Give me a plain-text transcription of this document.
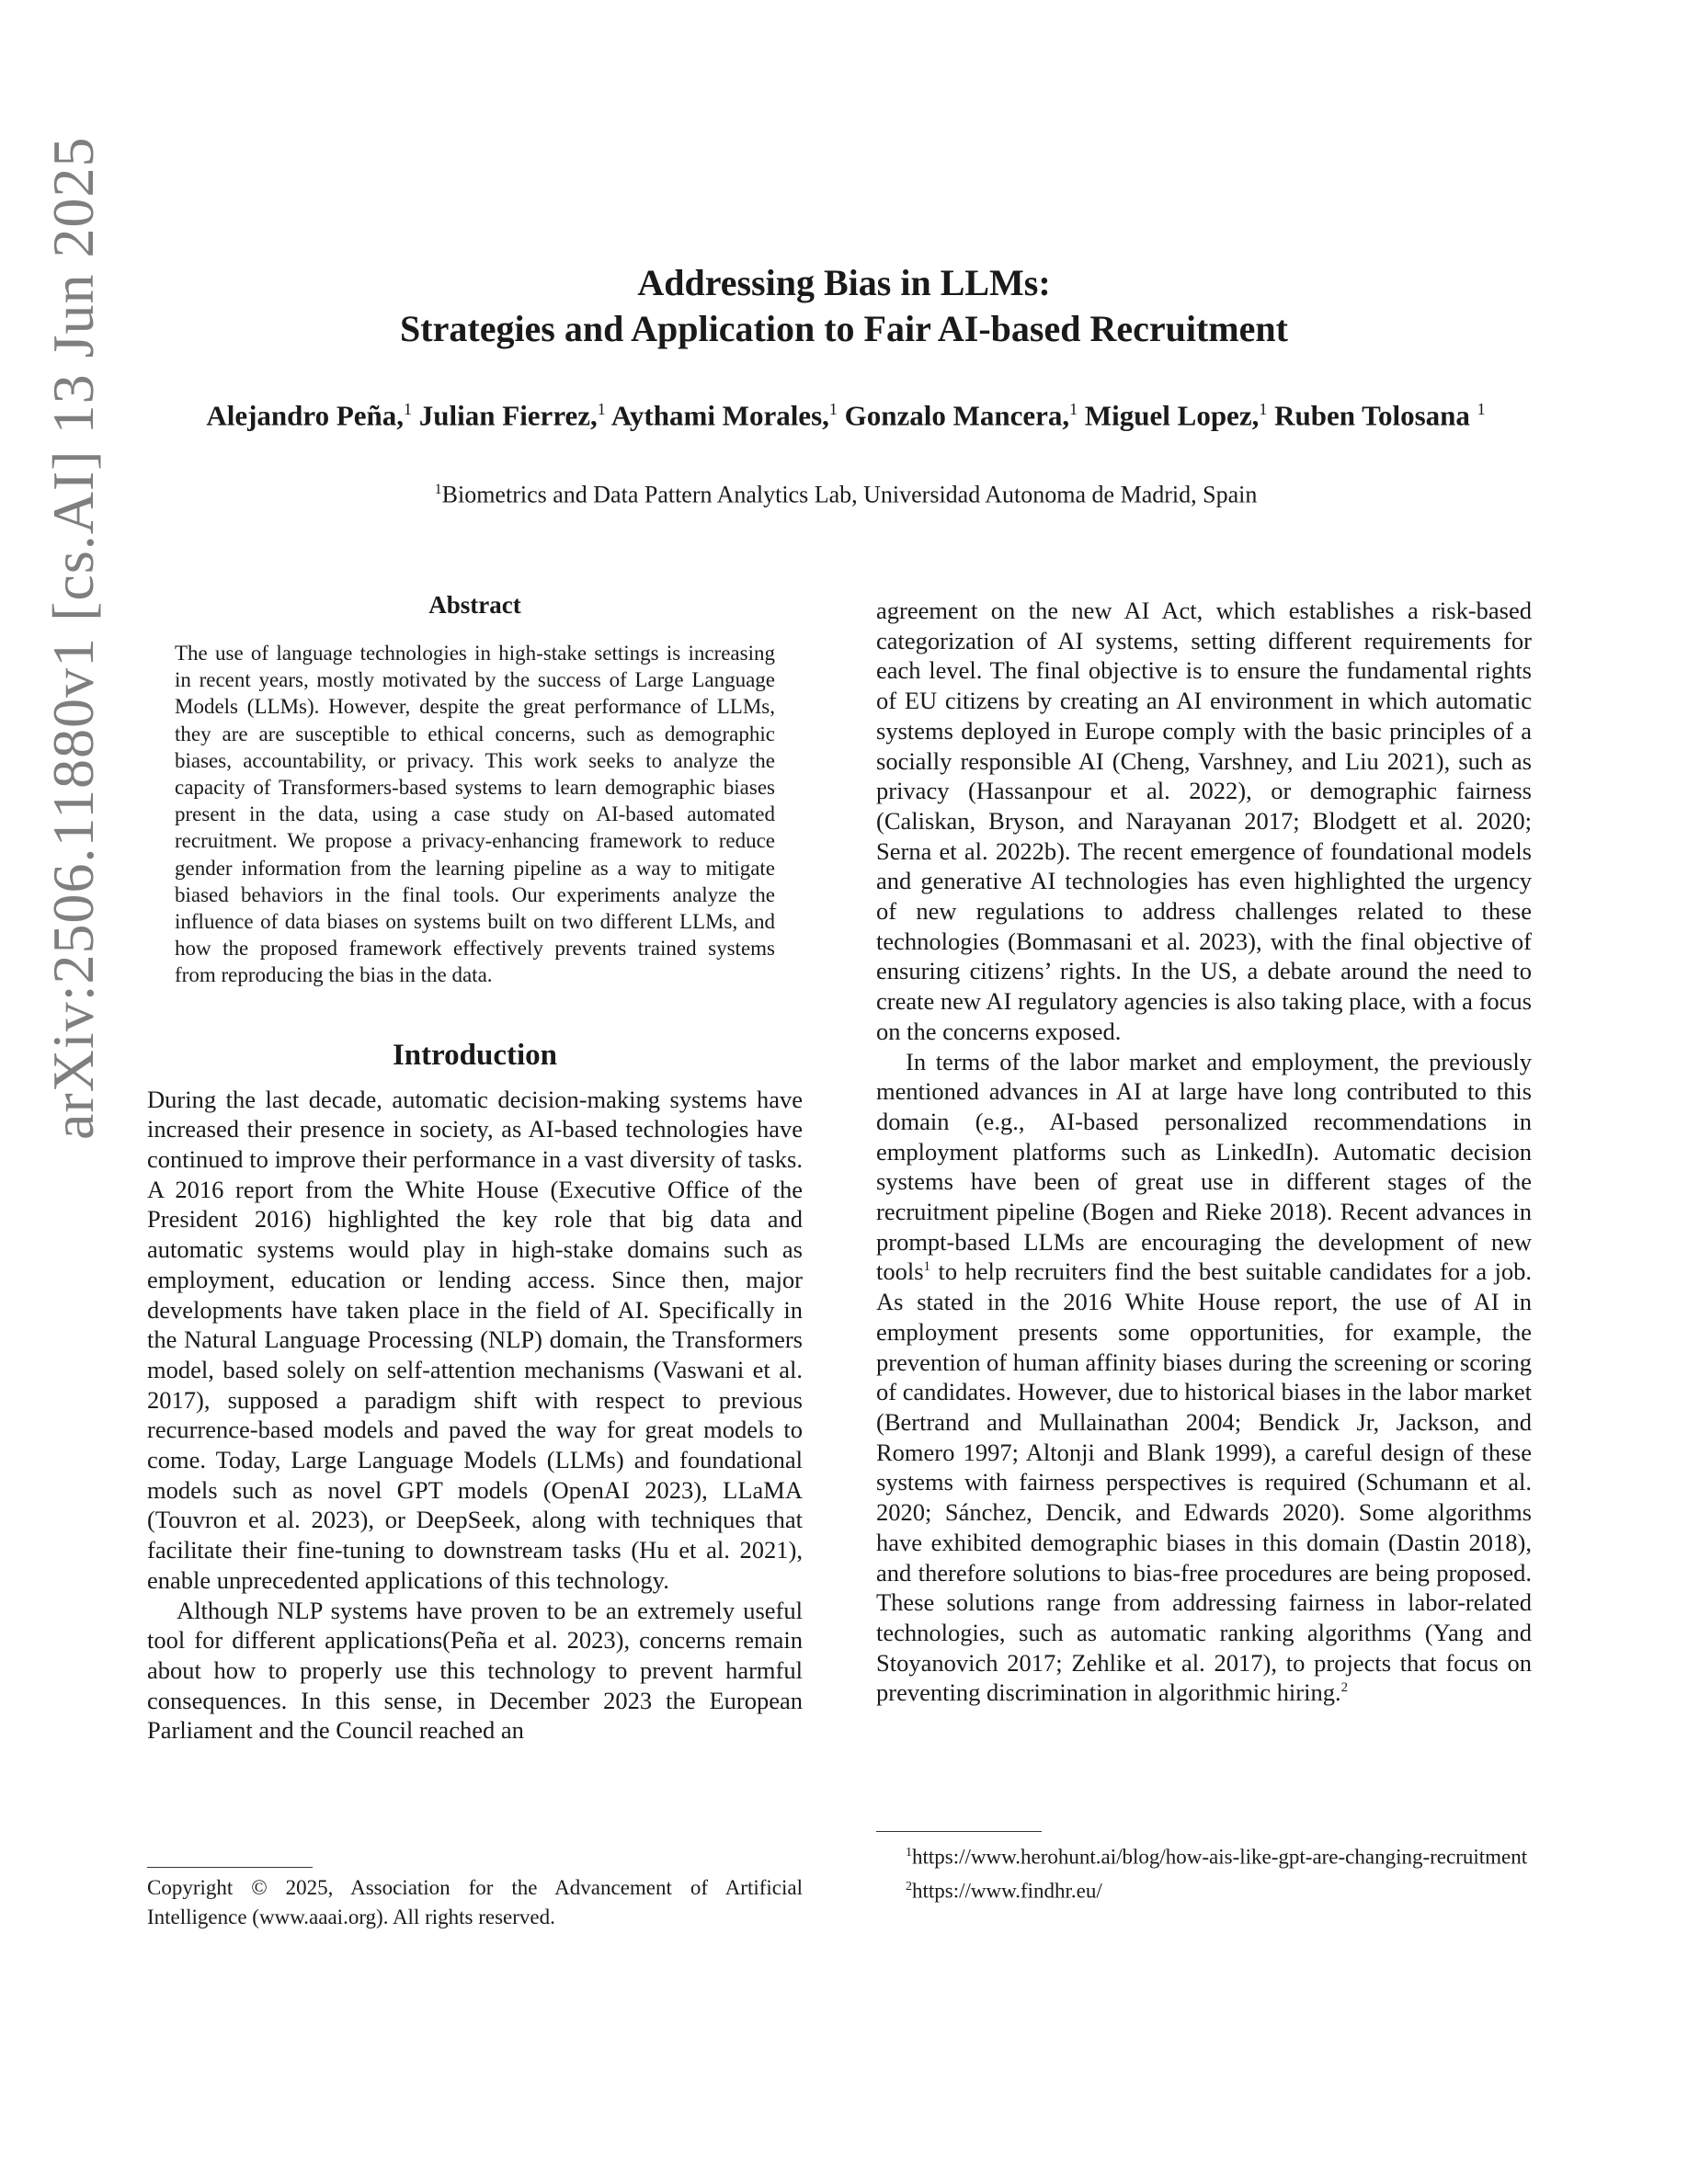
arXiv:2506.11880v1 [cs.AI] 13 Jun 2025	Addressing Bias in LLMs:

Strategies and Application to Fair AI-based Recruitment

Alejandro Peña,$^1$ Julian Fierrez,$^1$ Aythami Morales,$^1$ Gonzalo Mancera,$^1$ Miguel Lopez,$^1$ Ruben Tolosana $^1$
$^1$Biometrics and Data Pattern Analytics Lab, Universidad Autonoma de Madrid, Spain
Abstract

The use of language technologies in high-stake settings is increasing in recent years, mostly motivated by the success of Large Language Models (LLMs). However, despite the great performance of LLMs, they are are susceptible to ethical concerns, such as demographic biases, accountability, or privacy. This work seeks to analyze the capacity of Transformers-based systems to learn demographic biases present in the data, using a case study on AI-based automated recruitment. We propose a privacy-enhancing framework to reduce gender information from the learning pipeline as a way to mitigate biased behaviors in the final tools. Our experiments analyze the influence of data biases on systems built on two different LLMs, and how the proposed framework effectively prevents trained systems from reproducing the bias in the data.

Introduction

During the last decade, automatic decision-making systems have increased their presence in society, as AI-based technologies have continued to improve their performance in a vast diversity of tasks. A 2016 report from the White House (Executive Office of the President 2016) highlighted the key role that big data and automatic systems would play in high-stake domains such as employment, education or lending access. Since then, major developments have taken place in the field of AI. Specifically in the Natural Language Processing (NLP) domain, the Transformers model, based solely on self-attention mechanisms (Vaswani et al. 2017), supposed a paradigm shift with respect to previous recurrence-based models and paved the way for great models to come. Today, Large Language Models (LLMs) and foundational models such as novel GPT models (OpenAI 2023), LLaMA (Touvron et al. 2023), or DeepSeek, along with techniques that facilitate their fine-tuning to downstream tasks (Hu et al. 2021), enable unprecedented applications of this technology.

Although NLP systems have proven to be an extremely useful tool for different applications(Peña et al. 2023), concerns remain about how to properly use this technology to prevent harmful consequences. In this sense, in December 2023 the European Parliament and the Council reached an

Copyright © 2025, Association for the Advancement of Artificial Intelligence (www.aaai.org). All rights reserved.

agreement on the new AI Act, which establishes a risk-based categorization of AI systems, setting different requirements for each level. The final objective is to ensure the fundamental rights of EU citizens by creating an AI environment in which automatic systems deployed in Europe comply with the basic principles of a socially responsible AI (Cheng, Varshney, and Liu 2021), such as privacy (Hassanpour et al. 2022), or demographic fairness (Caliskan, Bryson, and Narayanan 2017; Blodgett et al. 2020; Serna et al. 2022b). The recent emergence of foundational models and generative AI technologies has even highlighted the urgency of new regulations to address challenges related to these technologies (Bommasani et al. 2023), with the final objective of ensuring citizens’ rights. In the US, a debate around the need to create new AI regulatory agencies is also taking place, with a focus on the concerns exposed.

In terms of the labor market and employment, the previously mentioned advances in AI at large have long contributed to this domain (e.g., AI-based personalized recommendations in employment platforms such as LinkedIn). Automatic decision systems have been of great use in different stages of the recruitment pipeline (Bogen and Rieke 2018). Recent advances in prompt-based LLMs are encouraging the development of new tools$^1$ to help recruiters find the best suitable candidates for a job. As stated in the 2016 White House report, the use of AI in employment presents some opportunities, for example, the prevention of human affinity biases during the screening or scoring of candidates. However, due to historical biases in the labor market (Bertrand and Mullainathan 2004; Bendick Jr, Jackson, and Romero 1997; Altonji and Blank 1999), a careful design of these systems with fairness perspectives is required (Schumann et al. 2020; Sánchez, Dencik, and Edwards 2020). Some algorithms have exhibited demographic biases in this domain (Dastin 2018), and therefore solutions to bias-free procedures are being proposed. These solutions range from addressing fairness in labor-related technologies, such as automatic ranking algorithms (Yang and Stoyanovich 2017; Zehlike et al. 2017), to projects that focus on preventing discrimination in algorithmic hiring.$^2$

$^1$https://www.herohunt.ai/blog/how-ais-like-gpt-are-changing-recruitment

$^2$https://www.findhr.eu/
